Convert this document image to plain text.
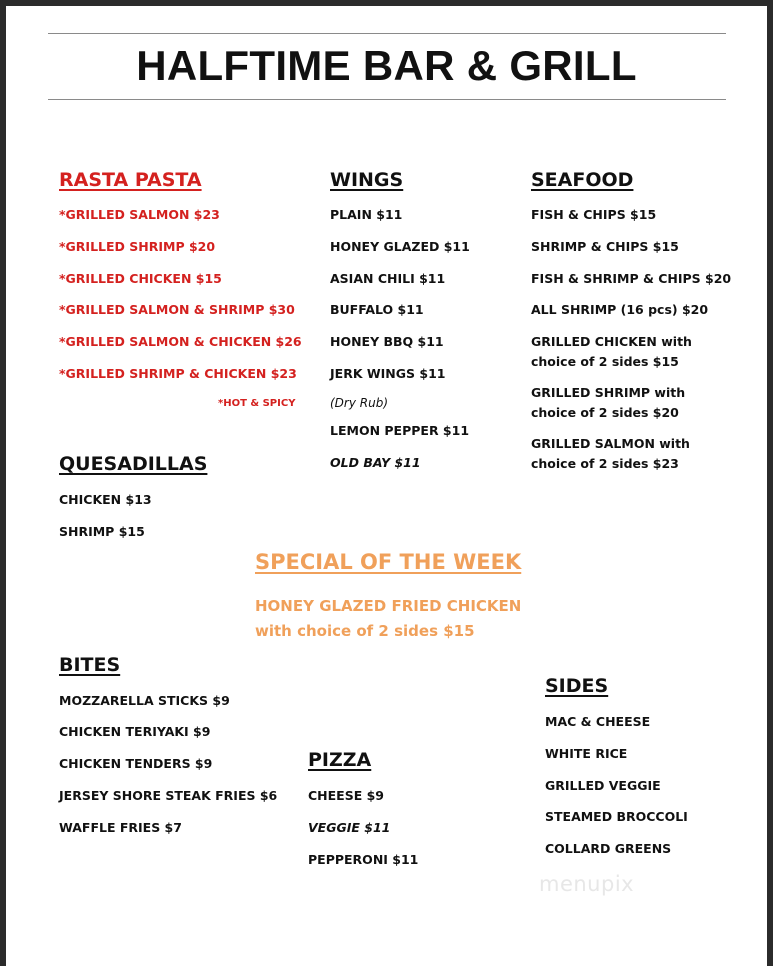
HALFTIME BAR & GRILL
RASTA PASTA
*GRILLED SALMON $23
*GRILLED SHRIMP $20
*GRILLED CHICKEN $15
*GRILLED SALMON & SHRIMP $30
*GRILLED SALMON & CHICKEN $26
*GRILLED SHRIMP & CHICKEN $23
*HOT & SPICY
WINGS
PLAIN $11
HONEY GLAZED $11
ASIAN CHILI $11
BUFFALO $11
HONEY BBQ $11
JERK WINGS $11
(Dry Rub)
LEMON PEPPER $11
OLD BAY $11
SEAFOOD
FISH & CHIPS $15
SHRIMP & CHIPS $15
FISH & SHRIMP & CHIPS $20
ALL SHRIMP (16 pcs) $20
GRILLED CHICKEN with
choice of 2 sides $15
GRILLED SHRIMP with
choice of 2 sides $20
GRILLED SALMON with
choice of 2 sides $23
QUESADILLAS
CHICKEN $13
SHRIMP $15
SPECIAL OF THE WEEK
HONEY GLAZED FRIED CHICKEN
with choice of 2 sides $15
BITES
MOZZARELLA STICKS $9
CHICKEN TERIYAKI $9
CHICKEN TENDERS $9
JERSEY SHORE STEAK FRIES $6
WAFFLE FRIES $7
PIZZA
CHEESE $9
VEGGIE $11
PEPPERONI $11
SIDES
MAC & CHEESE
WHITE RICE
GRILLED VEGGIE
STEAMED BROCCOLI
COLLARD GREENS
menupix
